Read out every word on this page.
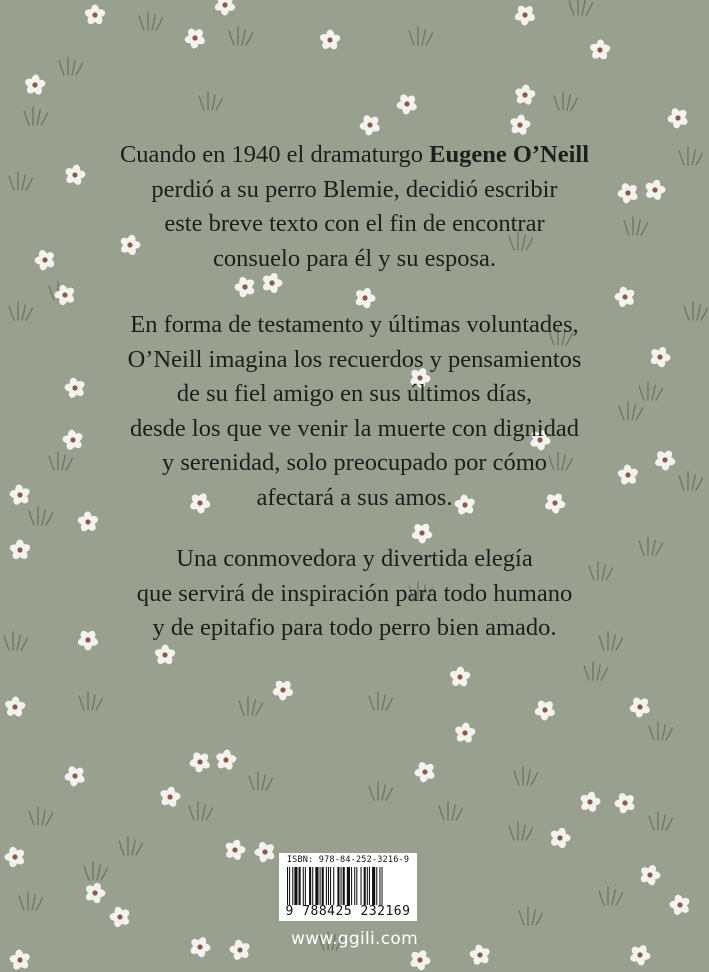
Cuando en 1940 el dramaturgo Eugene O’Neill
perdió a su perro Blemie, decidió escribir
este breve texto con el fin de encontrar
consuelo para él y su esposa.
En forma de testamento y últimas voluntades,
O’Neill imagina los recuerdos y pensamientos
de su fiel amigo en sus últimos días,
desde los que ve venir la muerte con dignidad
y serenidad, solo preocupado por cómo
afectará a sus amos.
Una conmovedora y divertida elegía
que servirá de inspiración para todo humano
y de epitafio para todo perro bien amado.
ISBN: 978-84-252-3216-9
9 788425 232169
www.ggili.com
